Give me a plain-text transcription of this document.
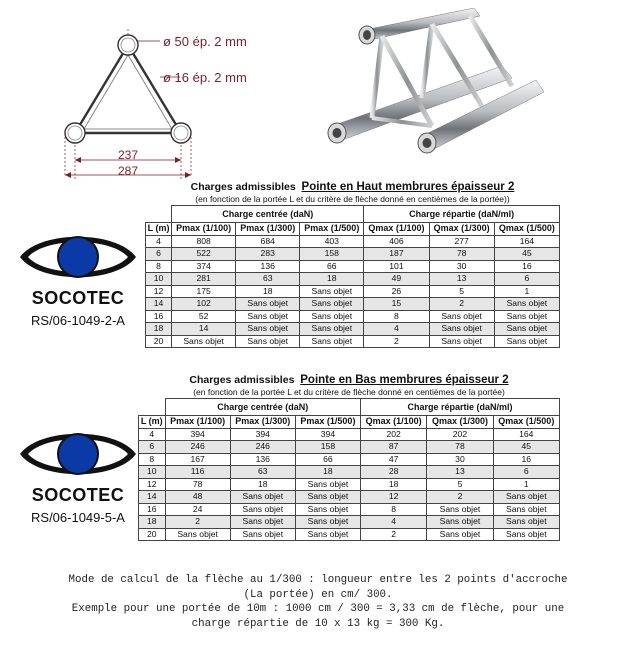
ø 50 ép. 2 mm
ø 16 ép. 2 mm
237
287
SOCOTEC
RS/06-1049-2-A
SOCOTEC
RS/06-1049-5-A
Charges admissibles Pointe en Haut membrures épaisseur 2
(en fonction de la portée L et du critère de flèche donné en centièmes de la portée))
	Charge centrée (daN)			Charge répartie (daN/ml)		
L (m)	Pmax (1/100)	Pmax (1/300)	Pmax (1/500)	Qmax (1/100)	Qmax (1/300)	Qmax (1/500)
4	808	684	403	406	277	164
6	522	283	158	187	78	45
8	374	136	66	101	30	16
10	281	63	18	49	13	6
12	175	18	Sans objet	26	5	1
14	102	Sans objet	Sans objet	15	2	Sans objet
16	52	Sans objet	Sans objet	8	Sans objet	Sans objet
18	14	Sans objet	Sans objet	4	Sans objet	Sans objet
20	Sans objet	Sans objet	Sans objet	2	Sans objet	Sans objet
Charges admissibles Pointe en Bas membrures épaisseur 2
(en fonction de la portée L et du critère de flèche donné en centièmes de la portée)
	Charge centrée (daN)			Charge répartie (daN/ml)		
L (m)	Pmax (1/100)	Pmax (1/300)	Pmax (1/500)	Qmax (1/100)	Qmax (1/300)	Qmax (1/500)
4	394	394	394	202	202	164
6	246	246	158	87	78	45
8	167	136	66	47	30	16
10	116	63	18	28	13	6
12	78	18	Sans objet	18	5	1
14	48	Sans objet	Sans objet	12	2	Sans objet
16	24	Sans objet	Sans objet	8	Sans objet	Sans objet
18	2	Sans objet	Sans objet	4	Sans objet	Sans objet
20	Sans objet	Sans objet	Sans objet	2	Sans objet	Sans objet
Mode de calcul de la flèche au 1/300 : longueur entre les 2 points d'accroche
(La portée) en cm/ 300.
Exemple pour une portée de 10m : 1000 cm / 300 = 3,33 cm de flèche, pour une
charge répartie de 10 x 13 kg = 300 Kg.
